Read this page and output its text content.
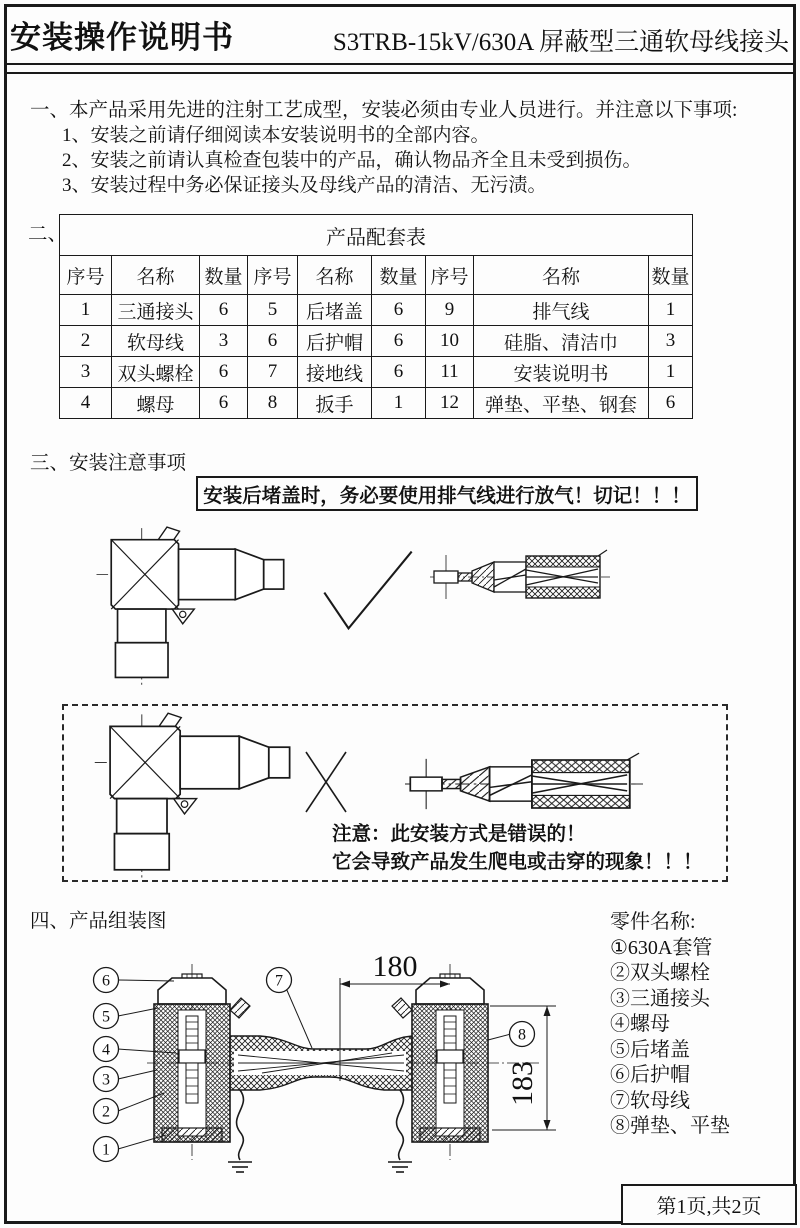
安装操作说明书	S3TRB-15kV/630A 屏蔽型三通软母线接头
一、本产品采用先进的注射工艺成型，安装必须由专业人员进行。并注意以下事项:
1、安装之前请仔细阅读本安装说明书的全部内容。
2、安装之前请认真检查包装中的产品，确认物品齐全且未受到损伤。
3、安装过程中务必保证接头及母线产品的清洁、无污渍。
二、	产品配套表								
序号	名称	数量	序号	名称	数量	序号	名称	数量
1	三通接头	6	5	后堵盖	6	9	排气线	1
2	软母线	3	6	后护帽	6	10	硅脂、清洁巾	3
3	双头螺栓	6	7	接地线	6	11	安装说明书	1
4	螺母	6	8	扳手	1	12	弹垫、平垫、钢套	6
三、安装注意事项
安装后堵盖时，务必要使用排气线进行放气！切记！！！
注意：此安装方式是错误的！
它会导致产品发生爬电或击穿的现象！！！
四、产品组装图	零件名称:
①630A套管
②双头螺栓
③三通接头
④螺母
⑤后堵盖
⑥后护帽
⑦软母线
⑧弹垫、平垫
6
5
4
3
2
1
7
8
180
183
第1页,共2页
